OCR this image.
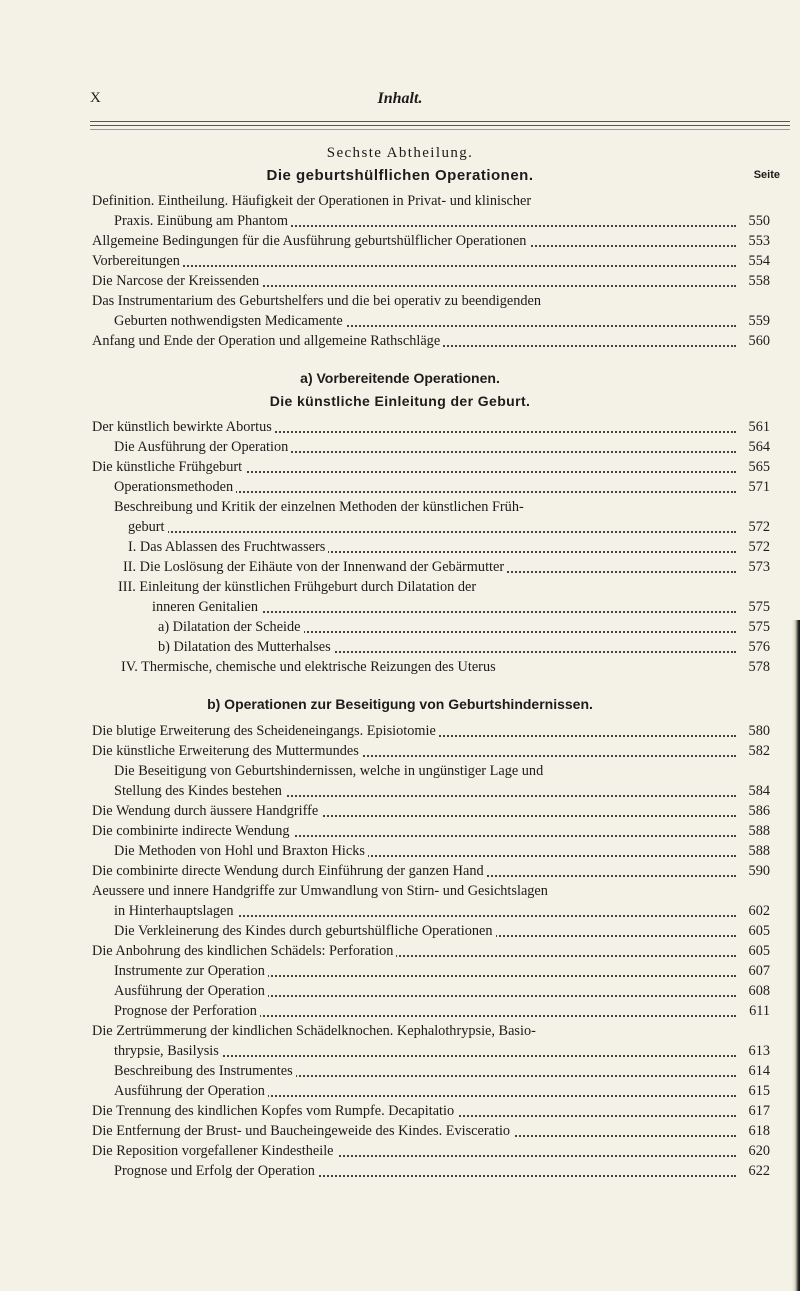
X	Inhalt.
Sechste Abtheilung.
Die geburtshülflichen Operationen.	Seite
Definition. Eintheilung. Häufigkeit der Operationen in Privat- und klinischer
Praxis. Einübung am Phantom	550
Allgemeine Bedingungen für die Ausführung geburtshülflicher Operationen	553
Vorbereitungen	554
Die Narcose der Kreissenden	558
Das Instrumentarium des Geburtshelfers und die bei operativ zu beendigenden
Geburten nothwendigsten Medicamente	559
Anfang und Ende der Operation und allgemeine Rathschläge	560
a) Vorbereitende Operationen.
Die künstliche Einleitung der Geburt.
Der künstlich bewirkte Abortus	561
Die Ausführung der Operation	564
Die künstliche Frühgeburt	565
Operationsmethoden	571
Beschreibung und Kritik der einzelnen Methoden der künstlichen Früh-
geburt	572
I. Das Ablassen des Fruchtwassers	572
II. Die Loslösung der Eihäute von der Innenwand der Gebärmutter	573
III. Einleitung der künstlichen Frühgeburt durch Dilatation der
inneren Genitalien	575
a) Dilatation der Scheide	575
b) Dilatation des Mutterhalses	576
IV. Thermische, chemische und elektrische Reizungen des Uterus	578
b) Operationen zur Beseitigung von Geburtshindernissen.
Die blutige Erweiterung des Scheideneingangs. Episiotomie	580
Die künstliche Erweiterung des Muttermundes	582
Die Beseitigung von Geburtshindernissen, welche in ungünstiger Lage und
Stellung des Kindes bestehen	584
Die Wendung durch äussere Handgriffe	586
Die combinirte indirecte Wendung	588
Die Methoden von Hohl und Braxton Hicks	588
Die combinirte directe Wendung durch Einführung der ganzen Hand	590
Aeussere und innere Handgriffe zur Umwandlung von Stirn- und Gesichtslagen
in Hinterhauptslagen	602
Die Verkleinerung des Kindes durch geburtshülfliche Operationen	605
Die Anbohrung des kindlichen Schädels: Perforation	605
Instrumente zur Operation	607
Ausführung der Operation	608
Prognose der Perforation	611
Die Zertrümmerung der kindlichen Schädelknochen. Kephalothrypsie, Basio-
thrypsie, Basilysis	613
Beschreibung des Instrumentes	614
Ausführung der Operation	615
Die Trennung des kindlichen Kopfes vom Rumpfe. Decapitatio	617
Die Entfernung der Brust- und Baucheingeweide des Kindes. Evisceratio	618
Die Reposition vorgefallener Kindestheile	620
Prognose und Erfolg der Operation	622
